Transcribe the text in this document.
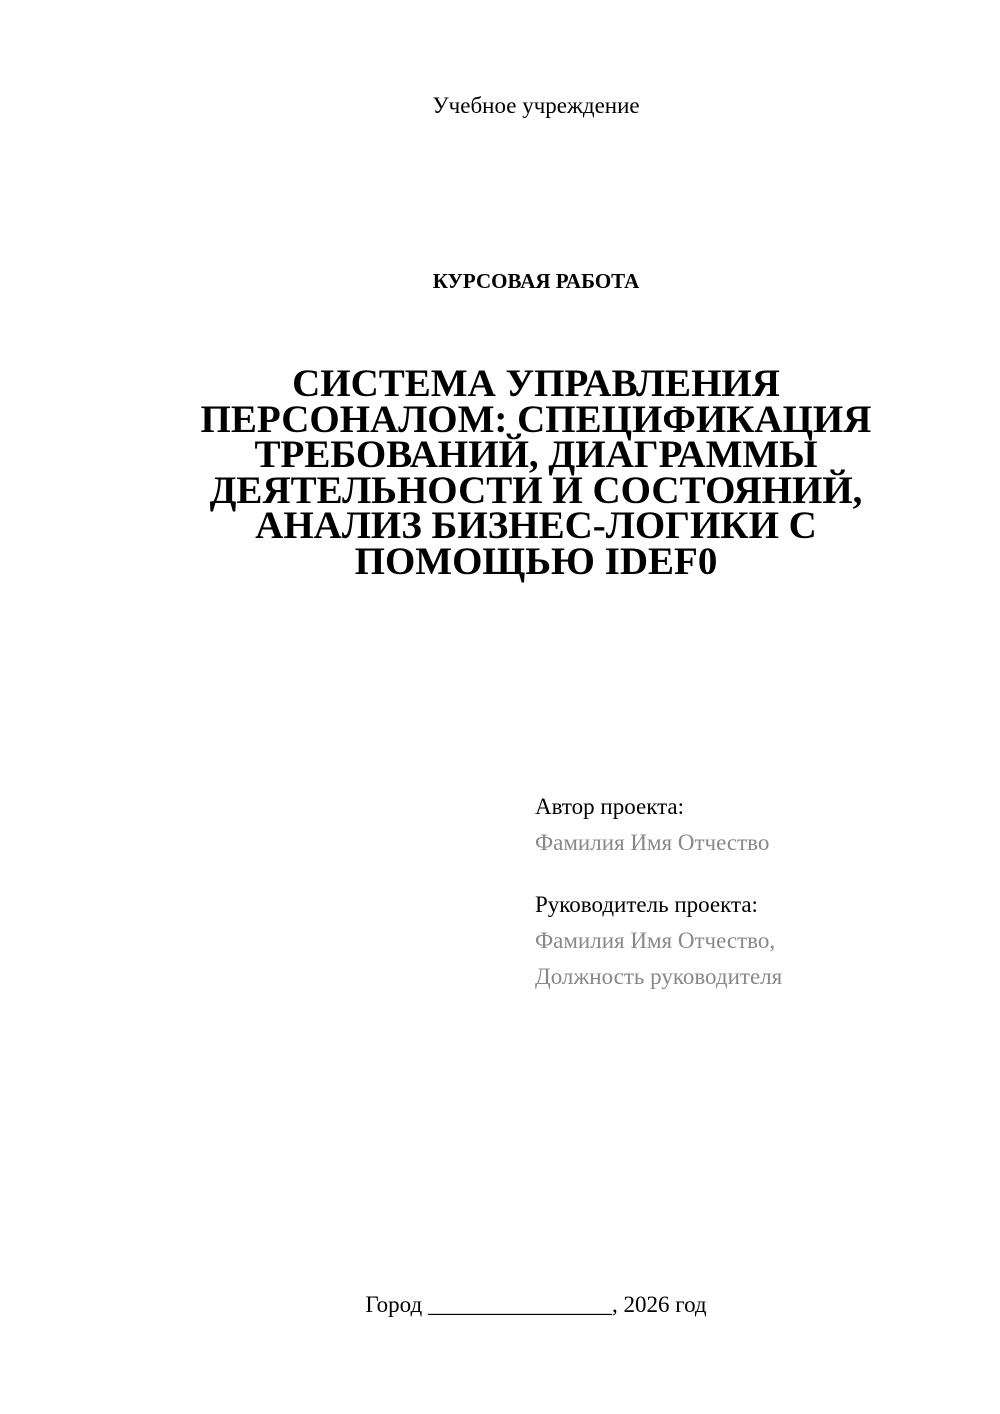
Учебное учреждение
КУРСОВАЯ РАБОТА
СИСТЕМА УПРАВЛЕНИЯ ПЕРСОНАЛОМ: СПЕЦИФИКАЦИЯ ТРЕБОВАНИЙ, ДИАГРАММЫ ДЕЯТЕЛЬНОСТИ И СОСТОЯНИЙ, АНАЛИЗ БИЗНЕС-ЛОГИКИ С ПОМОЩЬЮ IDEF0
Автор проекта:
Фамилия Имя Отчество
Руководитель проекта:
Фамилия Имя Отчество,
Должность руководителя
Город ________________, 2026 год
